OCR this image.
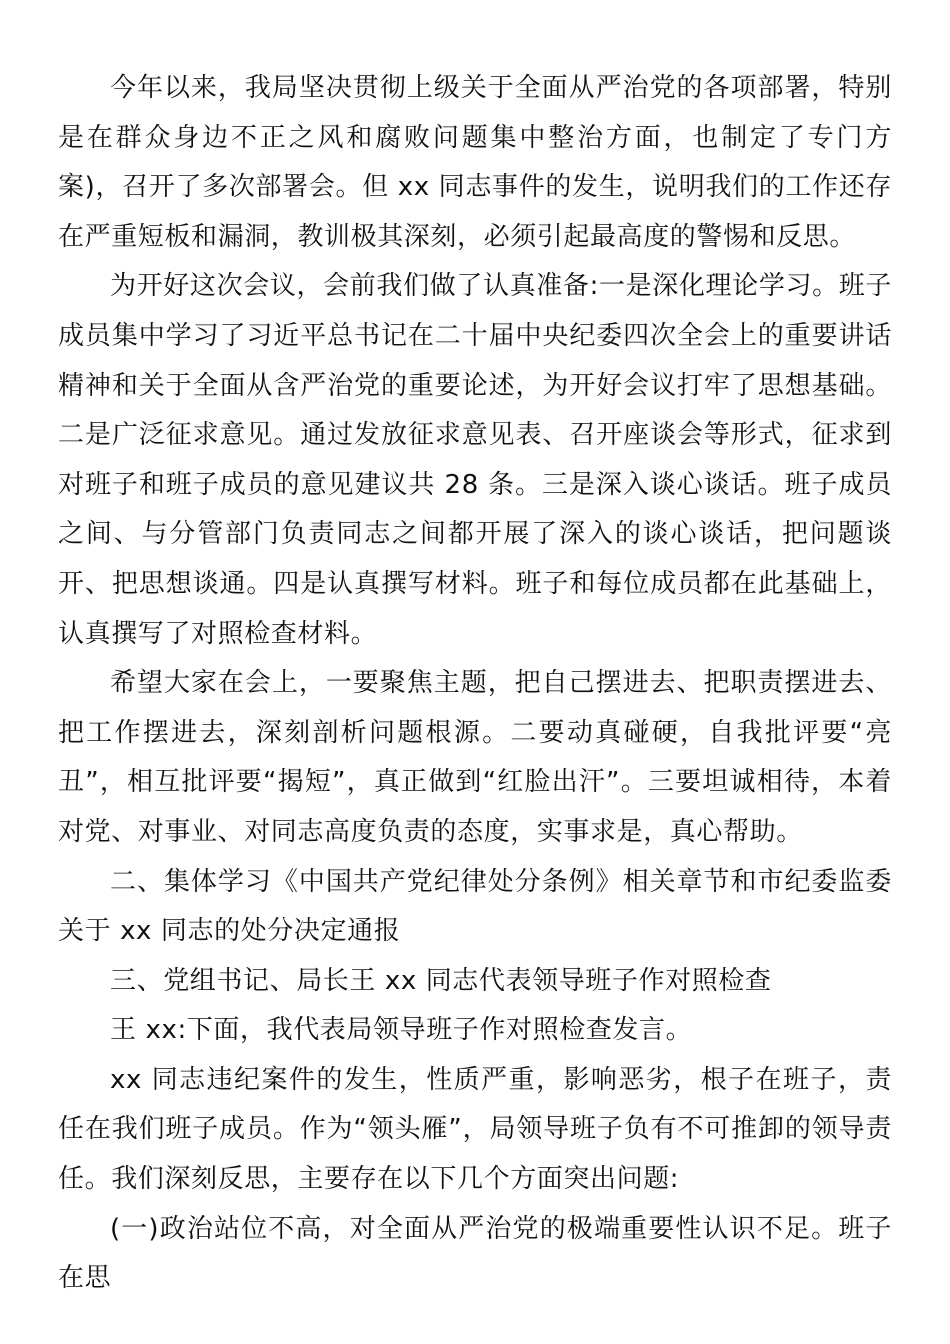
今年以来，我局坚决贯彻上级关于全面从严治党的各项部署，特别是在群众身边不正之风和腐败问题集中整治方面，也制定了专门方案)，召开了多次部署会。但 xx 同志事件的发生，说明我们的工作还存在严重短板和漏洞，教训极其深刻，必须引起最高度的警惕和反思。

为开好这次会议，会前我们做了认真准备:一是深化理论学习。班子成员集中学习了习近平总书记在二十届中央纪委四次全会上的重要讲话精神和关于全面从含严治党的重要论述，为开好会议打牢了思想基础。二是广泛征求意见。通过发放征求意见表、召开座谈会等形式，征求到对班子和班子成员的意见建议共 28 条。三是深入谈心谈话。班子成员之间、与分管部门负责同志之间都开展了深入的谈心谈话，把问题谈开、把思想谈通。四是认真撰写材料。班子和每位成员都在此基础上，认真撰写了对照检查材料。

希望大家在会上，一要聚焦主题，把自己摆进去、把职责摆进去、把工作摆进去，深刻剖析问题根源。二要动真碰硬，自我批评要“亮丑”，相互批评要“揭短”，真正做到“红脸出汗”。三要坦诚相待，本着对党、对事业、对同志高度负责的态度，实事求是，真心帮助。

二、集体学习《中国共产党纪律处分条例》相关章节和市纪委监委关于 xx 同志的处分决定通报

三、党组书记、局长王 xx 同志代表领导班子作对照检查

王 xx:下面，我代表局领导班子作对照检查发言。

xx 同志违纪案件的发生，性质严重，影响恶劣，根子在班子，责任在我们班子成员。作为“领头雁”，局领导班子负有不可推卸的领导责任。我们深刻反思，主要存在以下几个方面突出问题:

(一)政治站位不高，对全面从严治党的极端重要性认识不足。班子在思
